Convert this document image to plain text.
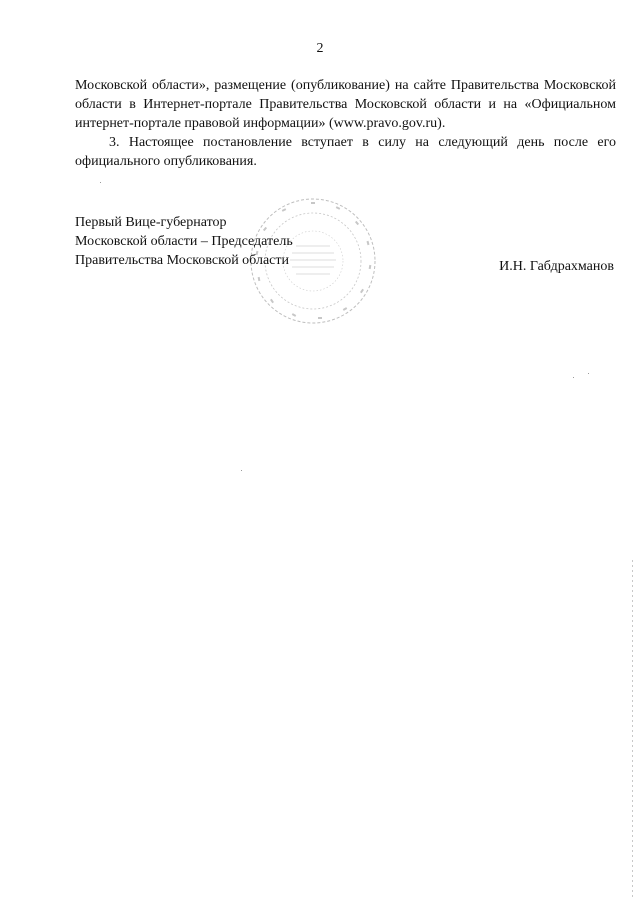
2

Московской области», размещение (опубликование) на сайте Правительства Московской области в Интернет-портале Правительства Московской области и на «Официальном интернет-портале правовой информации» (www.pravo.gov.ru).

3. Настоящее постановление вступает в силу на следующий день после его официального опубликования.

Первый Вице-губернатор
Московской области – Председатель
Правительства Московской области	И.Н. Габдрахманов
